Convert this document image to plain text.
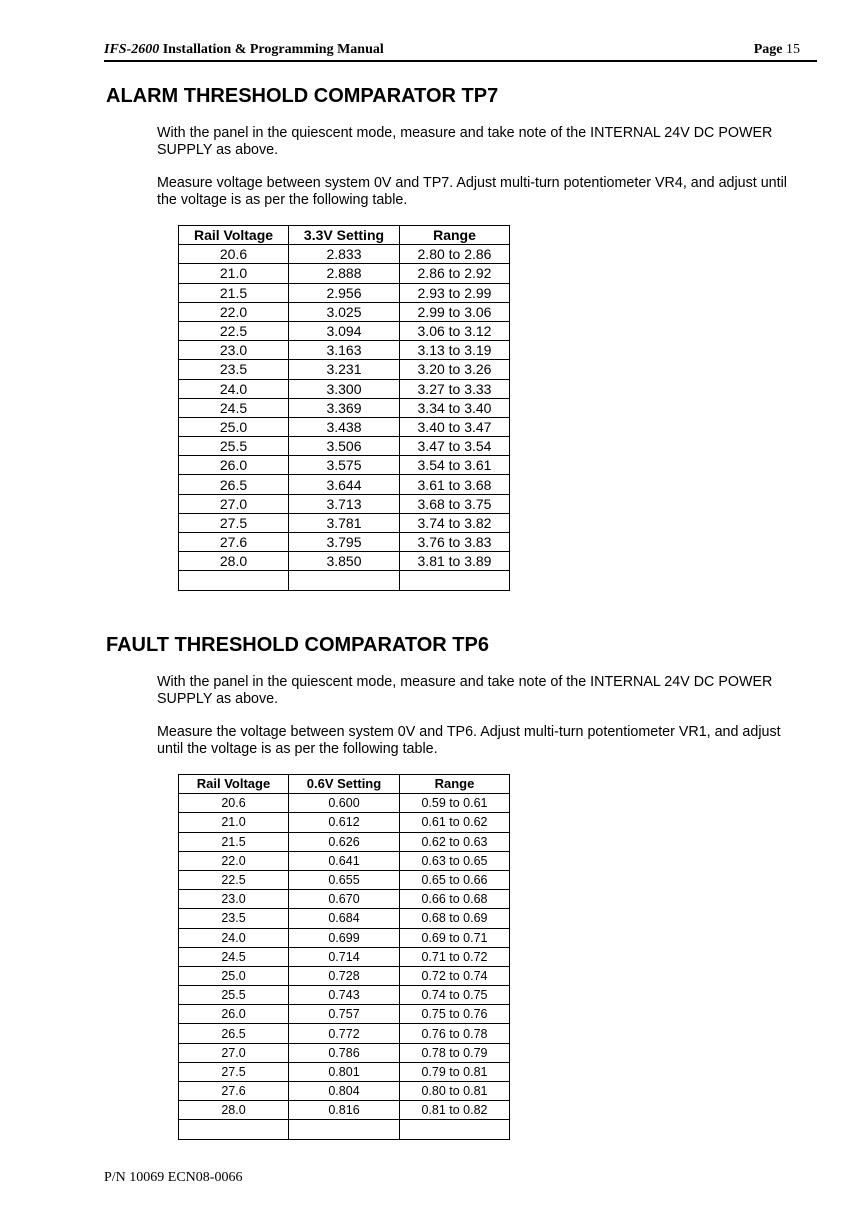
IFS-2600 Installation & Programming Manual	Page 15
ALARM THRESHOLD COMPARATOR TP7
With the panel in the quiescent mode, measure and take note of the INTERNAL 24V DC POWER SUPPLY as above.
Measure voltage between system 0V and TP7. Adjust multi-turn potentiometer VR4, and adjust until the voltage is as per the following table.
Rail Voltage	3.3V Setting	Range
20.6	2.833	2.80 to 2.86
21.0	2.888	2.86 to 2.92
21.5	2.956	2.93 to 2.99
22.0	3.025	2.99 to 3.06
22.5	3.094	3.06 to 3.12
23.0	3.163	3.13 to 3.19
23.5	3.231	3.20 to 3.26
24.0	3.300	3.27 to 3.33
24.5	3.369	3.34 to 3.40
25.0	3.438	3.40 to 3.47
25.5	3.506	3.47 to 3.54
26.0	3.575	3.54 to 3.61
26.5	3.644	3.61 to 3.68
27.0	3.713	3.68 to 3.75
27.5	3.781	3.74 to 3.82
27.6	3.795	3.76 to 3.83
28.0	3.850	3.81 to 3.89

FAULT THRESHOLD COMPARATOR TP6
With the panel in the quiescent mode, measure and take note of the INTERNAL 24V DC POWER SUPPLY as above.
Measure the voltage between system 0V and TP6. Adjust multi-turn potentiometer VR1, and adjust until the voltage is as per the following table.
Rail Voltage	0.6V Setting	Range
20.6	0.600	0.59 to 0.61
21.0	0.612	0.61 to 0.62
21.5	0.626	0.62 to 0.63
22.0	0.641	0.63 to 0.65
22.5	0.655	0.65 to 0.66
23.0	0.670	0.66 to 0.68
23.5	0.684	0.68 to 0.69
24.0	0.699	0.69 to 0.71
24.5	0.714	0.71 to 0.72
25.0	0.728	0.72 to 0.74
25.5	0.743	0.74 to 0.75
26.0	0.757	0.75 to 0.76
26.5	0.772	0.76 to 0.78
27.0	0.786	0.78 to 0.79
27.5	0.801	0.79 to 0.81
27.6	0.804	0.80 to 0.81
28.0	0.816	0.81 to 0.82

P/N 10069 ECN08-0066
